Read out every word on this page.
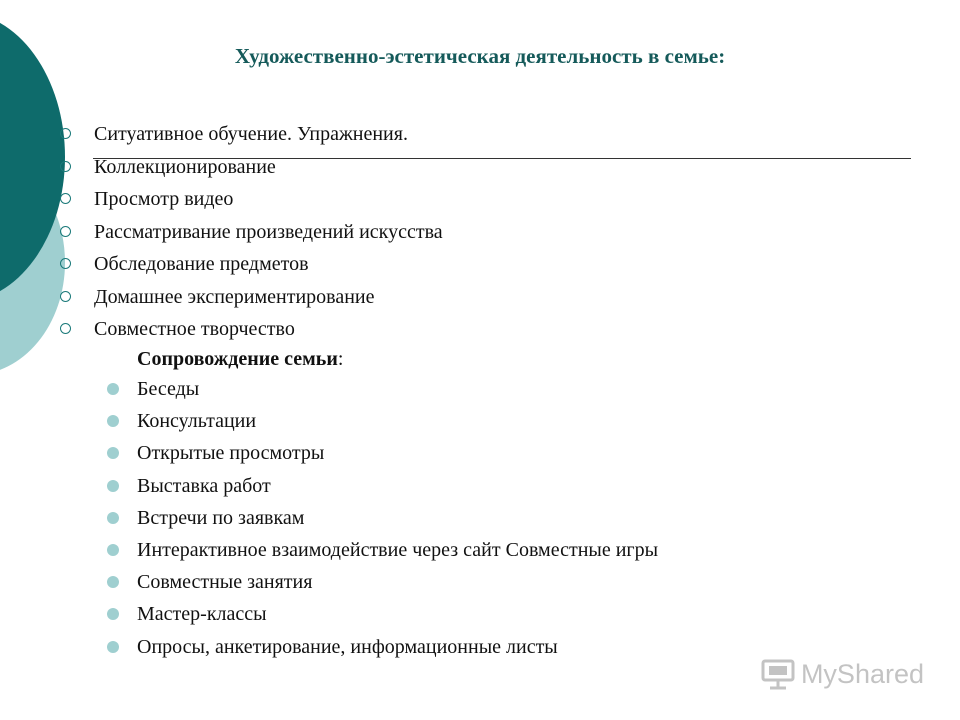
Художественно-эстетическая деятельность в семье:
Ситуативное обучение. Упражнения.
Коллекционирование
Просмотр видео
Рассматривание произведений искусства
Обследование предметов
Домашнее экспериментирование
Совместное творчество
Сопровождение семьи:
Беседы
Консультации
Открытые просмотры
Выставка работ
Встречи по заявкам
Интерактивное взаимодействие через сайт Совместные игры
Совместные занятия
Мастер-классы
Опросы, анкетирование, информационные листы
MyShared
